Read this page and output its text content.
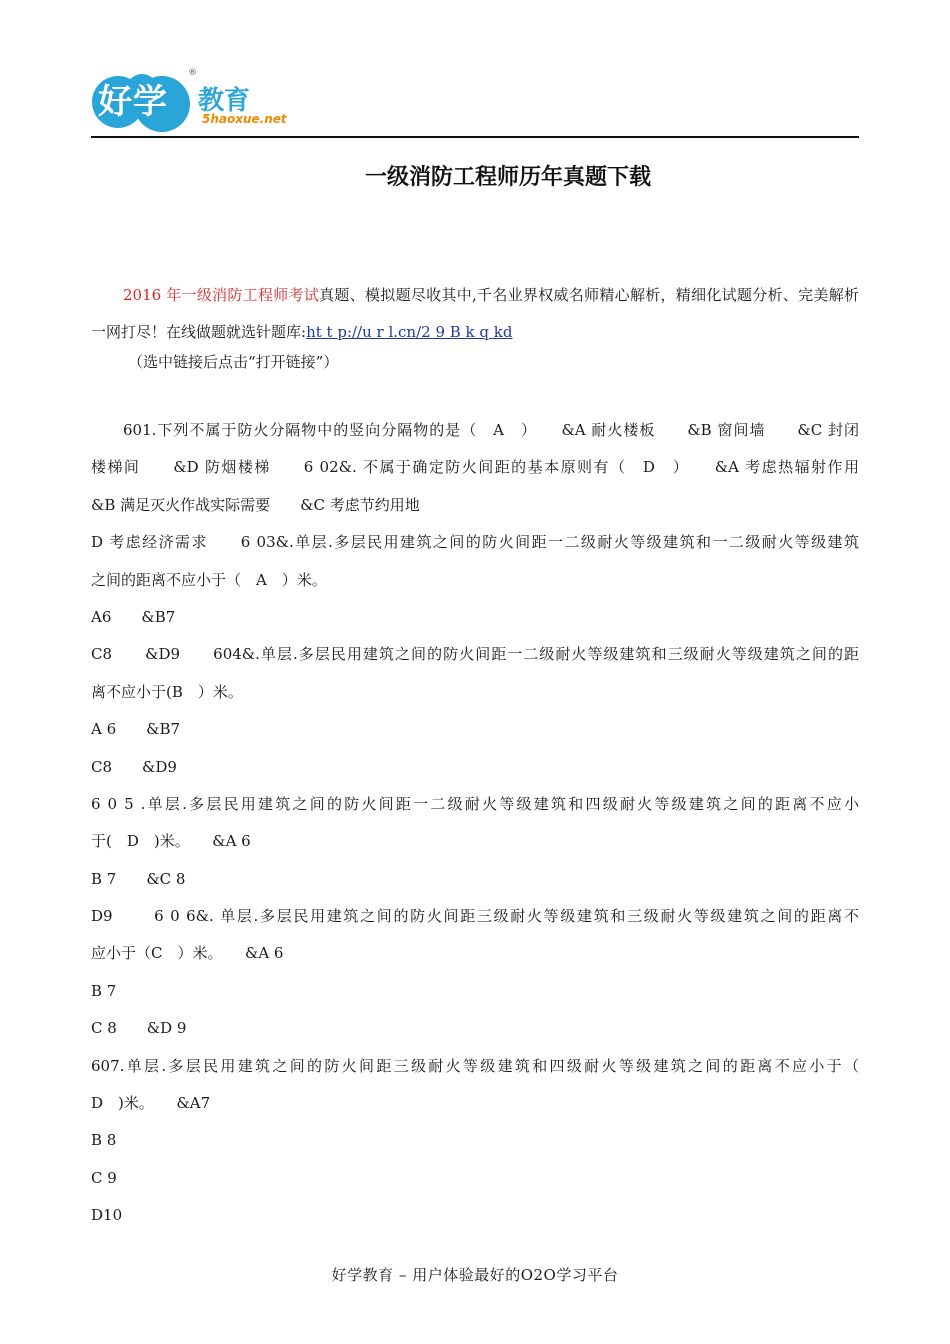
好学
®
教育
5haoxue.net
一级消防工程师历年真题下载
2016 年一级消防工程师考试真题、模拟题尽收其中,千名业界权威名师精心解析，精细化试题分析、完美解析一网打尽！在线做题就选针题库:ht t p://u r l.cn/2 9 B k q kd
（选中链接后点击“打开链接”）
601.下列不属于防火分隔物中的竖向分隔物的是（　A　）　　&A 耐火楼板　　&B 窗间墙　　&C 封闭
楼梯间　　&D 防烟楼梯　　6 02&. 不属于确定防火间距的基本原则有（　D　）　　&A 考虑热辐射作用
&B 满足灭火作战实际需要　　&C 考虑节约用地
D 考虑经济需求　　6 03&.单层.多层民用建筑之间的防火间距一二级耐火等级建筑和一二级耐火等级建筑
之间的距离不应小于（　A　）米。
A6　　&B7
C8　　&D9　　604&.单层.多层民用建筑之间的防火间距一二级耐火等级建筑和三级耐火等级建筑之间的距
离不应小于(B　）米。
A 6　　&B7
C8　　&D9
6 0 5 .单层.多层民用建筑之间的防火间距一二级耐火等级建筑和四级耐火等级建筑之间的距离不应小
于(　D　)米。　　&A 6
B 7　　&C 8
D9　　 6 0 6&. 单层.多层民用建筑之间的防火间距三级耐火等级建筑和三级耐火等级建筑之间的距离不
应小于（C　）米。　　&A 6
B 7
C 8　　&D 9
607.单层.多层民用建筑之间的防火间距三级耐火等级建筑和四级耐火等级建筑之间的距离不应小于（
D　)米。　　&A7
B 8
C 9
D10
好学教育 – 用户体验最好的O2O学习平台
